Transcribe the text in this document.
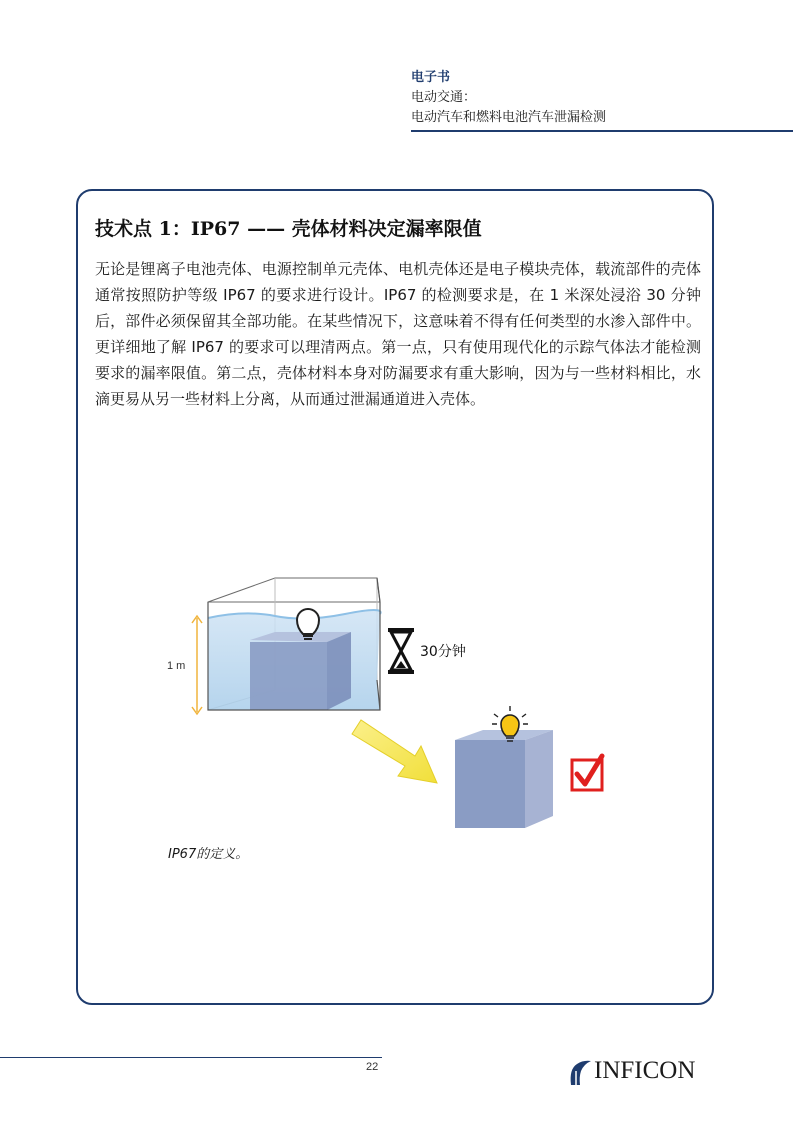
电子书
电动交通：
电动汽车和燃料电池汽车泄漏检测
技术点 1：IP67 —— 壳体材料决定漏率限值
无论是锂离子电池壳体、电源控制单元壳体、电机壳体还是电子模块壳体，载流部件的壳体通常按照防护等级 IP67 的要求进行设计。IP67 的检测要求是，在 1 米深处浸浴 30 分钟后，部件必须保留其全部功能。在某些情况下，这意味着不得有任何类型的水渗入部件中。更详细地了解 IP67 的要求可以理清两点。第一点，只有使用现代化的示踪气体法才能检测要求的漏率限值。第二点，壳体材料本身对防漏要求有重大影响，因为与一些材料相比，水滴更易从另一些材料上分离，从而通过泄漏通道进入壳体。
1 m
30分钟
IP67的定义。
22	INFICON
